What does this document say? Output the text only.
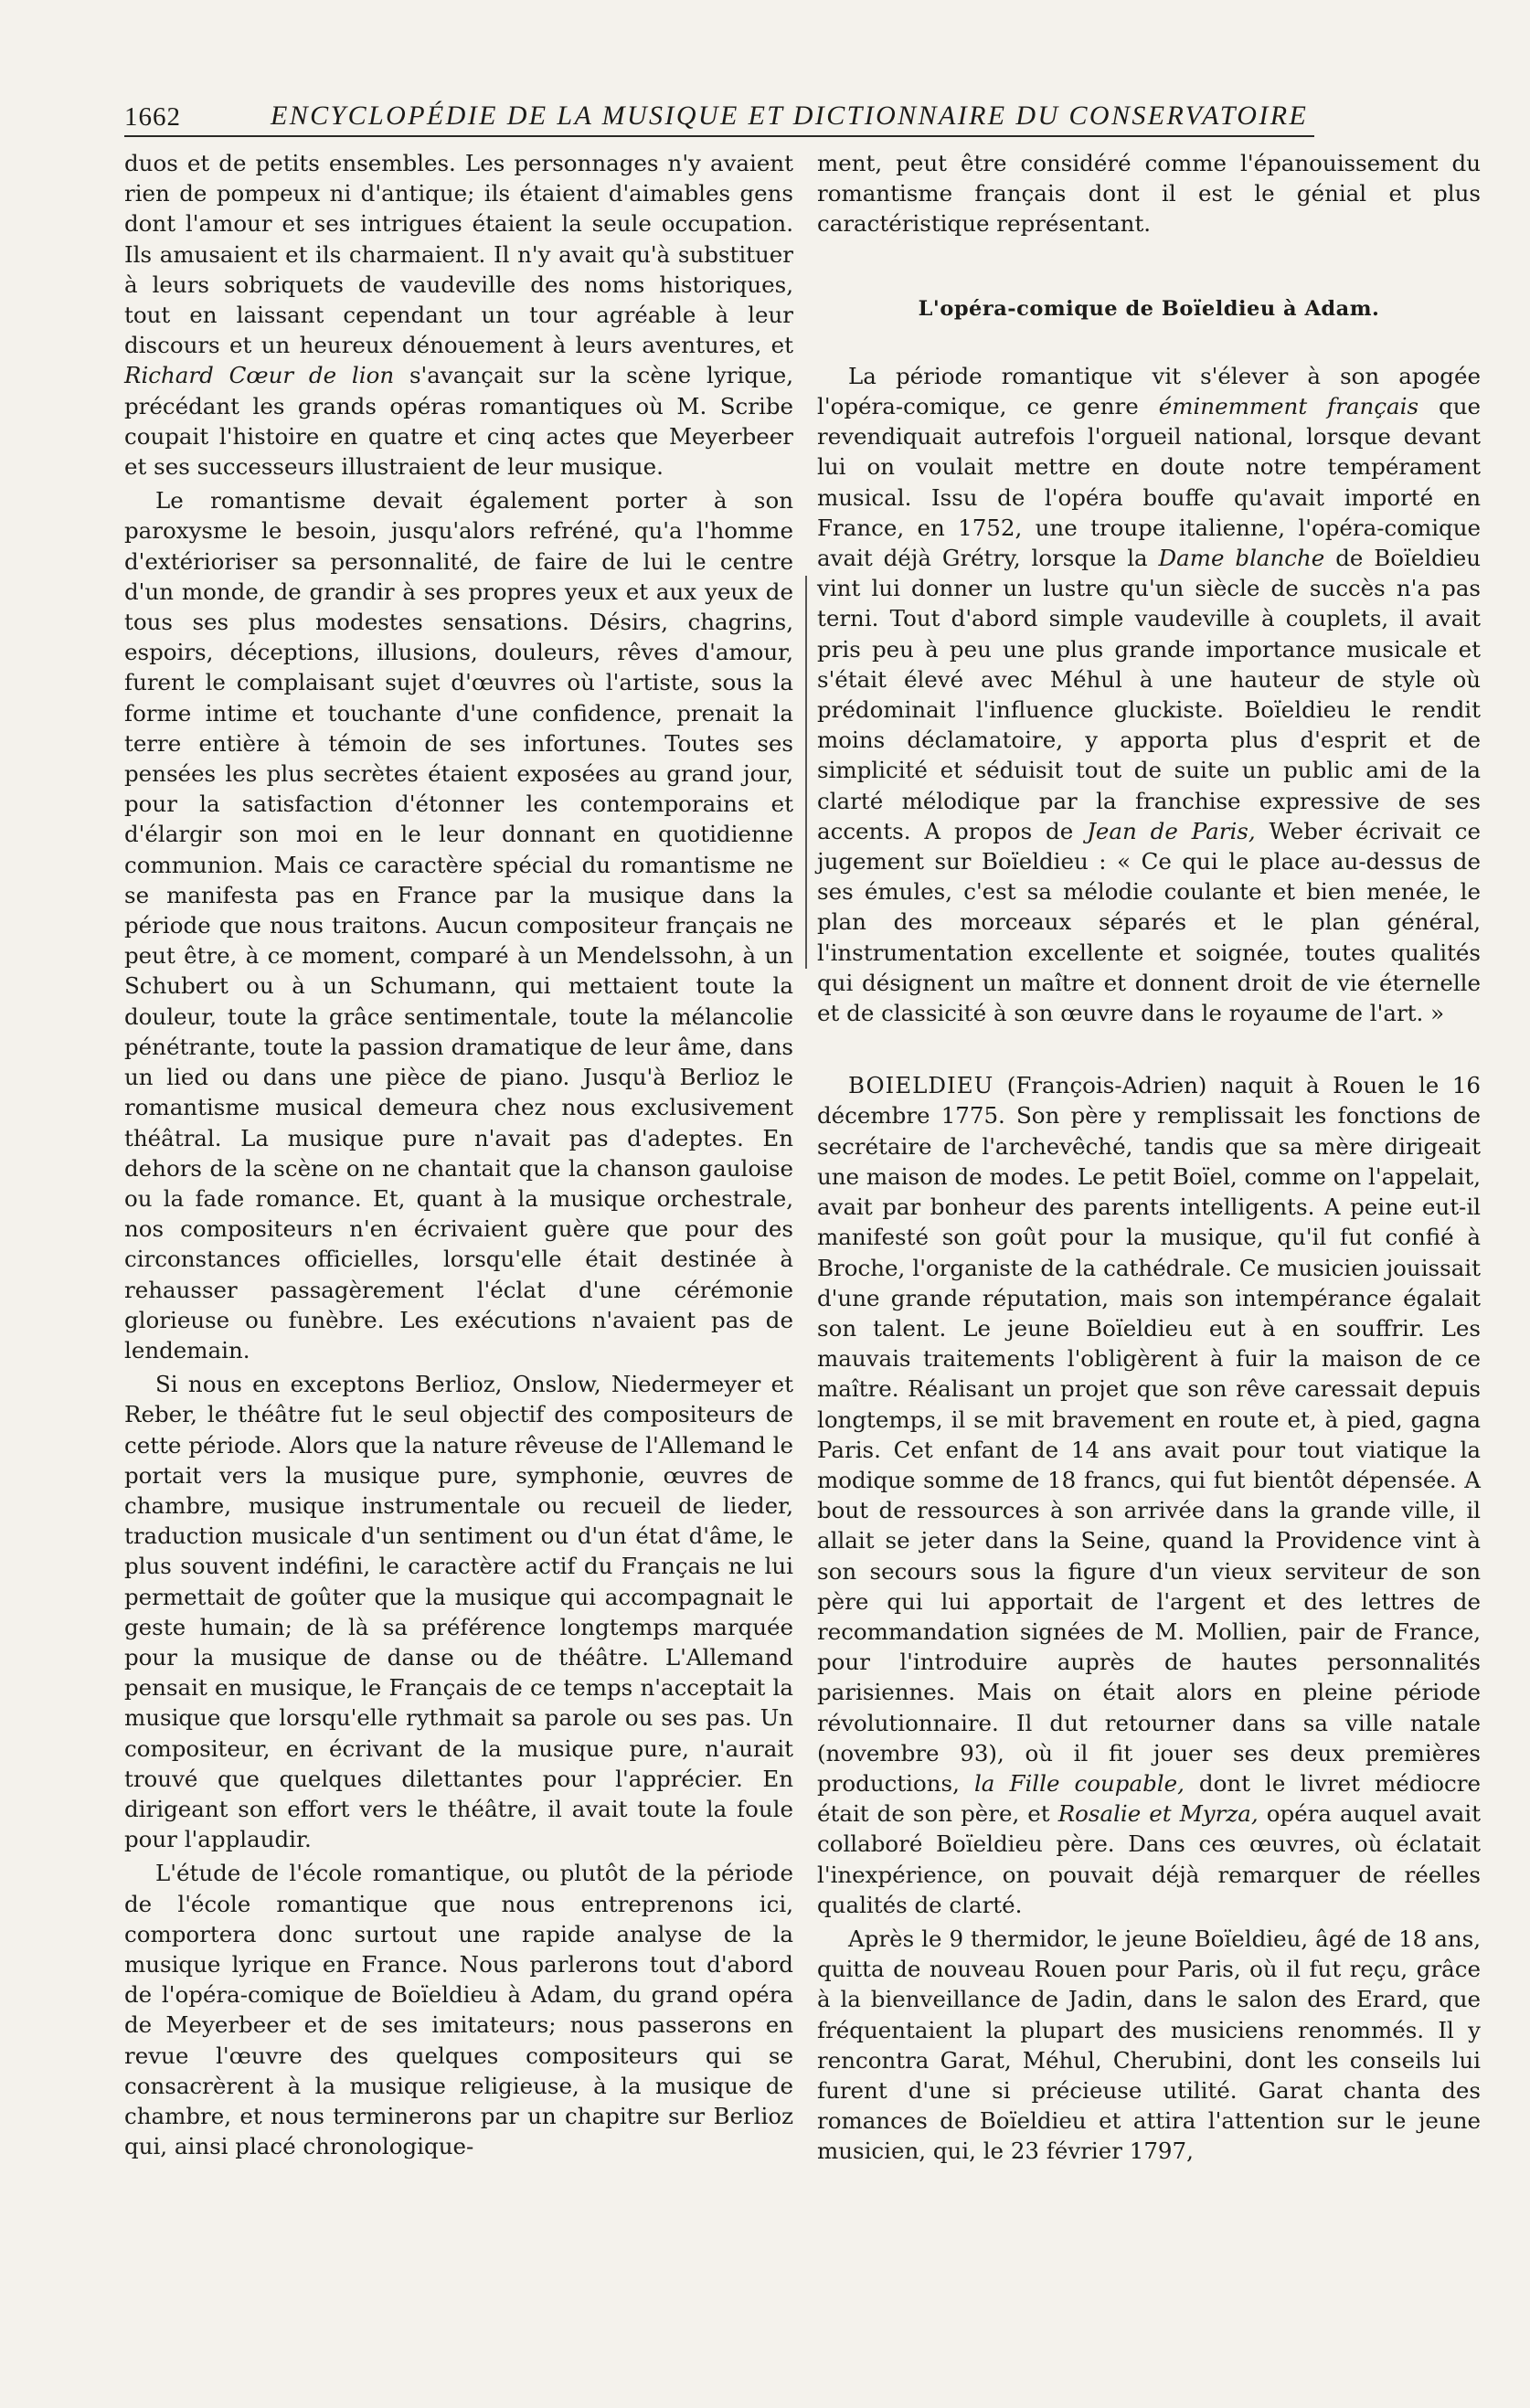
1662	ENCYCLOPÉDIE DE LA MUSIQUE ET DICTIONNAIRE DU CONSERVATOIRE

duos et de petits ensembles. Les personnages n'y avaient rien de pompeux ni d'antique; ils étaient d'aimables gens dont l'amour et ses intrigues étaient la seule occupation. Ils amusaient et ils charmaient. Il n'y avait qu'à substituer à leurs sobriquets de vaudeville des noms historiques, tout en laissant cependant un tour agréable à leur discours et un heureux dénouement à leurs aventures, et Richard Cœur de lion s'avançait sur la scène lyrique, précédant les grands opéras romantiques où M. Scribe coupait l'histoire en quatre et cinq actes que Meyerbeer et ses successeurs illustraient de leur musique.

Le romantisme devait également porter à son paroxysme le besoin, jusqu'alors refréné, qu'a l'homme d'extérioriser sa personnalité, de faire de lui le centre d'un monde, de grandir à ses propres yeux et aux yeux de tous ses plus modestes sensations. Désirs, chagrins, espoirs, déceptions, illusions, douleurs, rêves d'amour, furent le complaisant sujet d'œuvres où l'artiste, sous la forme intime et touchante d'une confidence, prenait la terre entière à témoin de ses infortunes. Toutes ses pensées les plus secrètes étaient exposées au grand jour, pour la satisfaction d'étonner les contemporains et d'élargir son moi en le leur donnant en quotidienne communion. Mais ce caractère spécial du romantisme ne se manifesta pas en France par la musique dans la période que nous traitons. Aucun compositeur français ne peut être, à ce moment, comparé à un Mendelssohn, à un Schubert ou à un Schumann, qui mettaient toute la douleur, toute la grâce sentimentale, toute la mélancolie pénétrante, toute la passion dramatique de leur âme, dans un lied ou dans une pièce de piano. Jusqu'à Berlioz le romantisme musical demeura chez nous exclusivement théâtral. La musique pure n'avait pas d'adeptes. En dehors de la scène on ne chantait que la chanson gauloise ou la fade romance. Et, quant à la musique orchestrale, nos compositeurs n'en écrivaient guère que pour des circonstances officielles, lorsqu'elle était destinée à rehausser passagèrement l'éclat d'une cérémonie glorieuse ou funèbre. Les exécutions n'avaient pas de lendemain.

Si nous en exceptons Berlioz, Onslow, Niedermeyer et Reber, le théâtre fut le seul objectif des compositeurs de cette période. Alors que la nature rêveuse de l'Allemand le portait vers la musique pure, symphonie, œuvres de chambre, musique instrumentale ou recueil de lieder, traduction musicale d'un sentiment ou d'un état d'âme, le plus souvent indéfini, le caractère actif du Français ne lui permettait de goûter que la musique qui accompagnait le geste humain; de là sa préférence longtemps marquée pour la musique de danse ou de théâtre. L'Allemand pensait en musique, le Français de ce temps n'acceptait la musique que lorsqu'elle rythmait sa parole ou ses pas. Un compositeur, en écrivant de la musique pure, n'aurait trouvé que quelques dilettantes pour l'apprécier. En dirigeant son effort vers le théâtre, il avait toute la foule pour l'applaudir.

L'étude de l'école romantique, ou plutôt de la période de l'école romantique que nous entreprenons ici, comportera donc surtout une rapide analyse de la musique lyrique en France. Nous parlerons tout d'abord de l'opéra-comique de Boïeldieu à Adam, du grand opéra de Meyerbeer et de ses imitateurs; nous passerons en revue l'œuvre des quelques compositeurs qui se consacrèrent à la musique religieuse, à la musique de chambre, et nous terminerons par un chapitre sur Berlioz qui, ainsi placé chronologique-

ment, peut être considéré comme l'épanouissement du romantisme français dont il est le génial et plus caractéristique représentant.

L'opéra-comique de Boïeldieu à Adam.

La période romantique vit s'élever à son apogée l'opéra-comique, ce genre éminemment français que revendiquait autrefois l'orgueil national, lorsque devant lui on voulait mettre en doute notre tempérament musical. Issu de l'opéra bouffe qu'avait importé en France, en 1752, une troupe italienne, l'opéra-comique avait déjà Grétry, lorsque la Dame blanche de Boïeldieu vint lui donner un lustre qu'un siècle de succès n'a pas terni. Tout d'abord simple vaudeville à couplets, il avait pris peu à peu une plus grande importance musicale et s'était élevé avec Méhul à une hauteur de style où prédominait l'influence gluckiste. Boïeldieu le rendit moins déclamatoire, y apporta plus d'esprit et de simplicité et séduisit tout de suite un public ami de la clarté mélodique par la franchise expressive de ses accents. A propos de Jean de Paris, Weber écrivait ce jugement sur Boïeldieu : « Ce qui le place au-dessus de ses émules, c'est sa mélodie coulante et bien menée, le plan des morceaux séparés et le plan général, l'instrumentation excellente et soignée, toutes qualités qui désignent un maître et donnent droit de vie éternelle et de classicité à son œuvre dans le royaume de l'art. »

BOIELDIEU (François-Adrien) naquit à Rouen le 16 décembre 1775. Son père y remplissait les fonctions de secrétaire de l'archevêché, tandis que sa mère dirigeait une maison de modes. Le petit Boïel, comme on l'appelait, avait par bonheur des parents intelligents. A peine eut-il manifesté son goût pour la musique, qu'il fut confié à Broche, l'organiste de la cathédrale. Ce musicien jouissait d'une grande réputation, mais son intempérance égalait son talent. Le jeune Boïeldieu eut à en souffrir. Les mauvais traitements l'obligèrent à fuir la maison de ce maître. Réalisant un projet que son rêve caressait depuis longtemps, il se mit bravement en route et, à pied, gagna Paris. Cet enfant de 14 ans avait pour tout viatique la modique somme de 18 francs, qui fut bientôt dépensée. A bout de ressources à son arrivée dans la grande ville, il allait se jeter dans la Seine, quand la Providence vint à son secours sous la figure d'un vieux serviteur de son père qui lui apportait de l'argent et des lettres de recommandation signées de M. Mollien, pair de France, pour l'introduire auprès de hautes personnalités parisiennes. Mais on était alors en pleine période révolutionnaire. Il dut retourner dans sa ville natale (novembre 93), où il fit jouer ses deux premières productions, la Fille coupable, dont le livret médiocre était de son père, et Rosalie et Myrza, opéra auquel avait collaboré Boïeldieu père. Dans ces œuvres, où éclatait l'inexpérience, on pouvait déjà remarquer de réelles qualités de clarté.

Après le 9 thermidor, le jeune Boïeldieu, âgé de 18 ans, quitta de nouveau Rouen pour Paris, où il fut reçu, grâce à la bienveillance de Jadin, dans le salon des Erard, que fréquentaient la plupart des musiciens renommés. Il y rencontra Garat, Méhul, Cherubini, dont les conseils lui furent d'une si précieuse utilité. Garat chanta des romances de Boïeldieu et attira l'attention sur le jeune musicien, qui, le 23 février 1797,
